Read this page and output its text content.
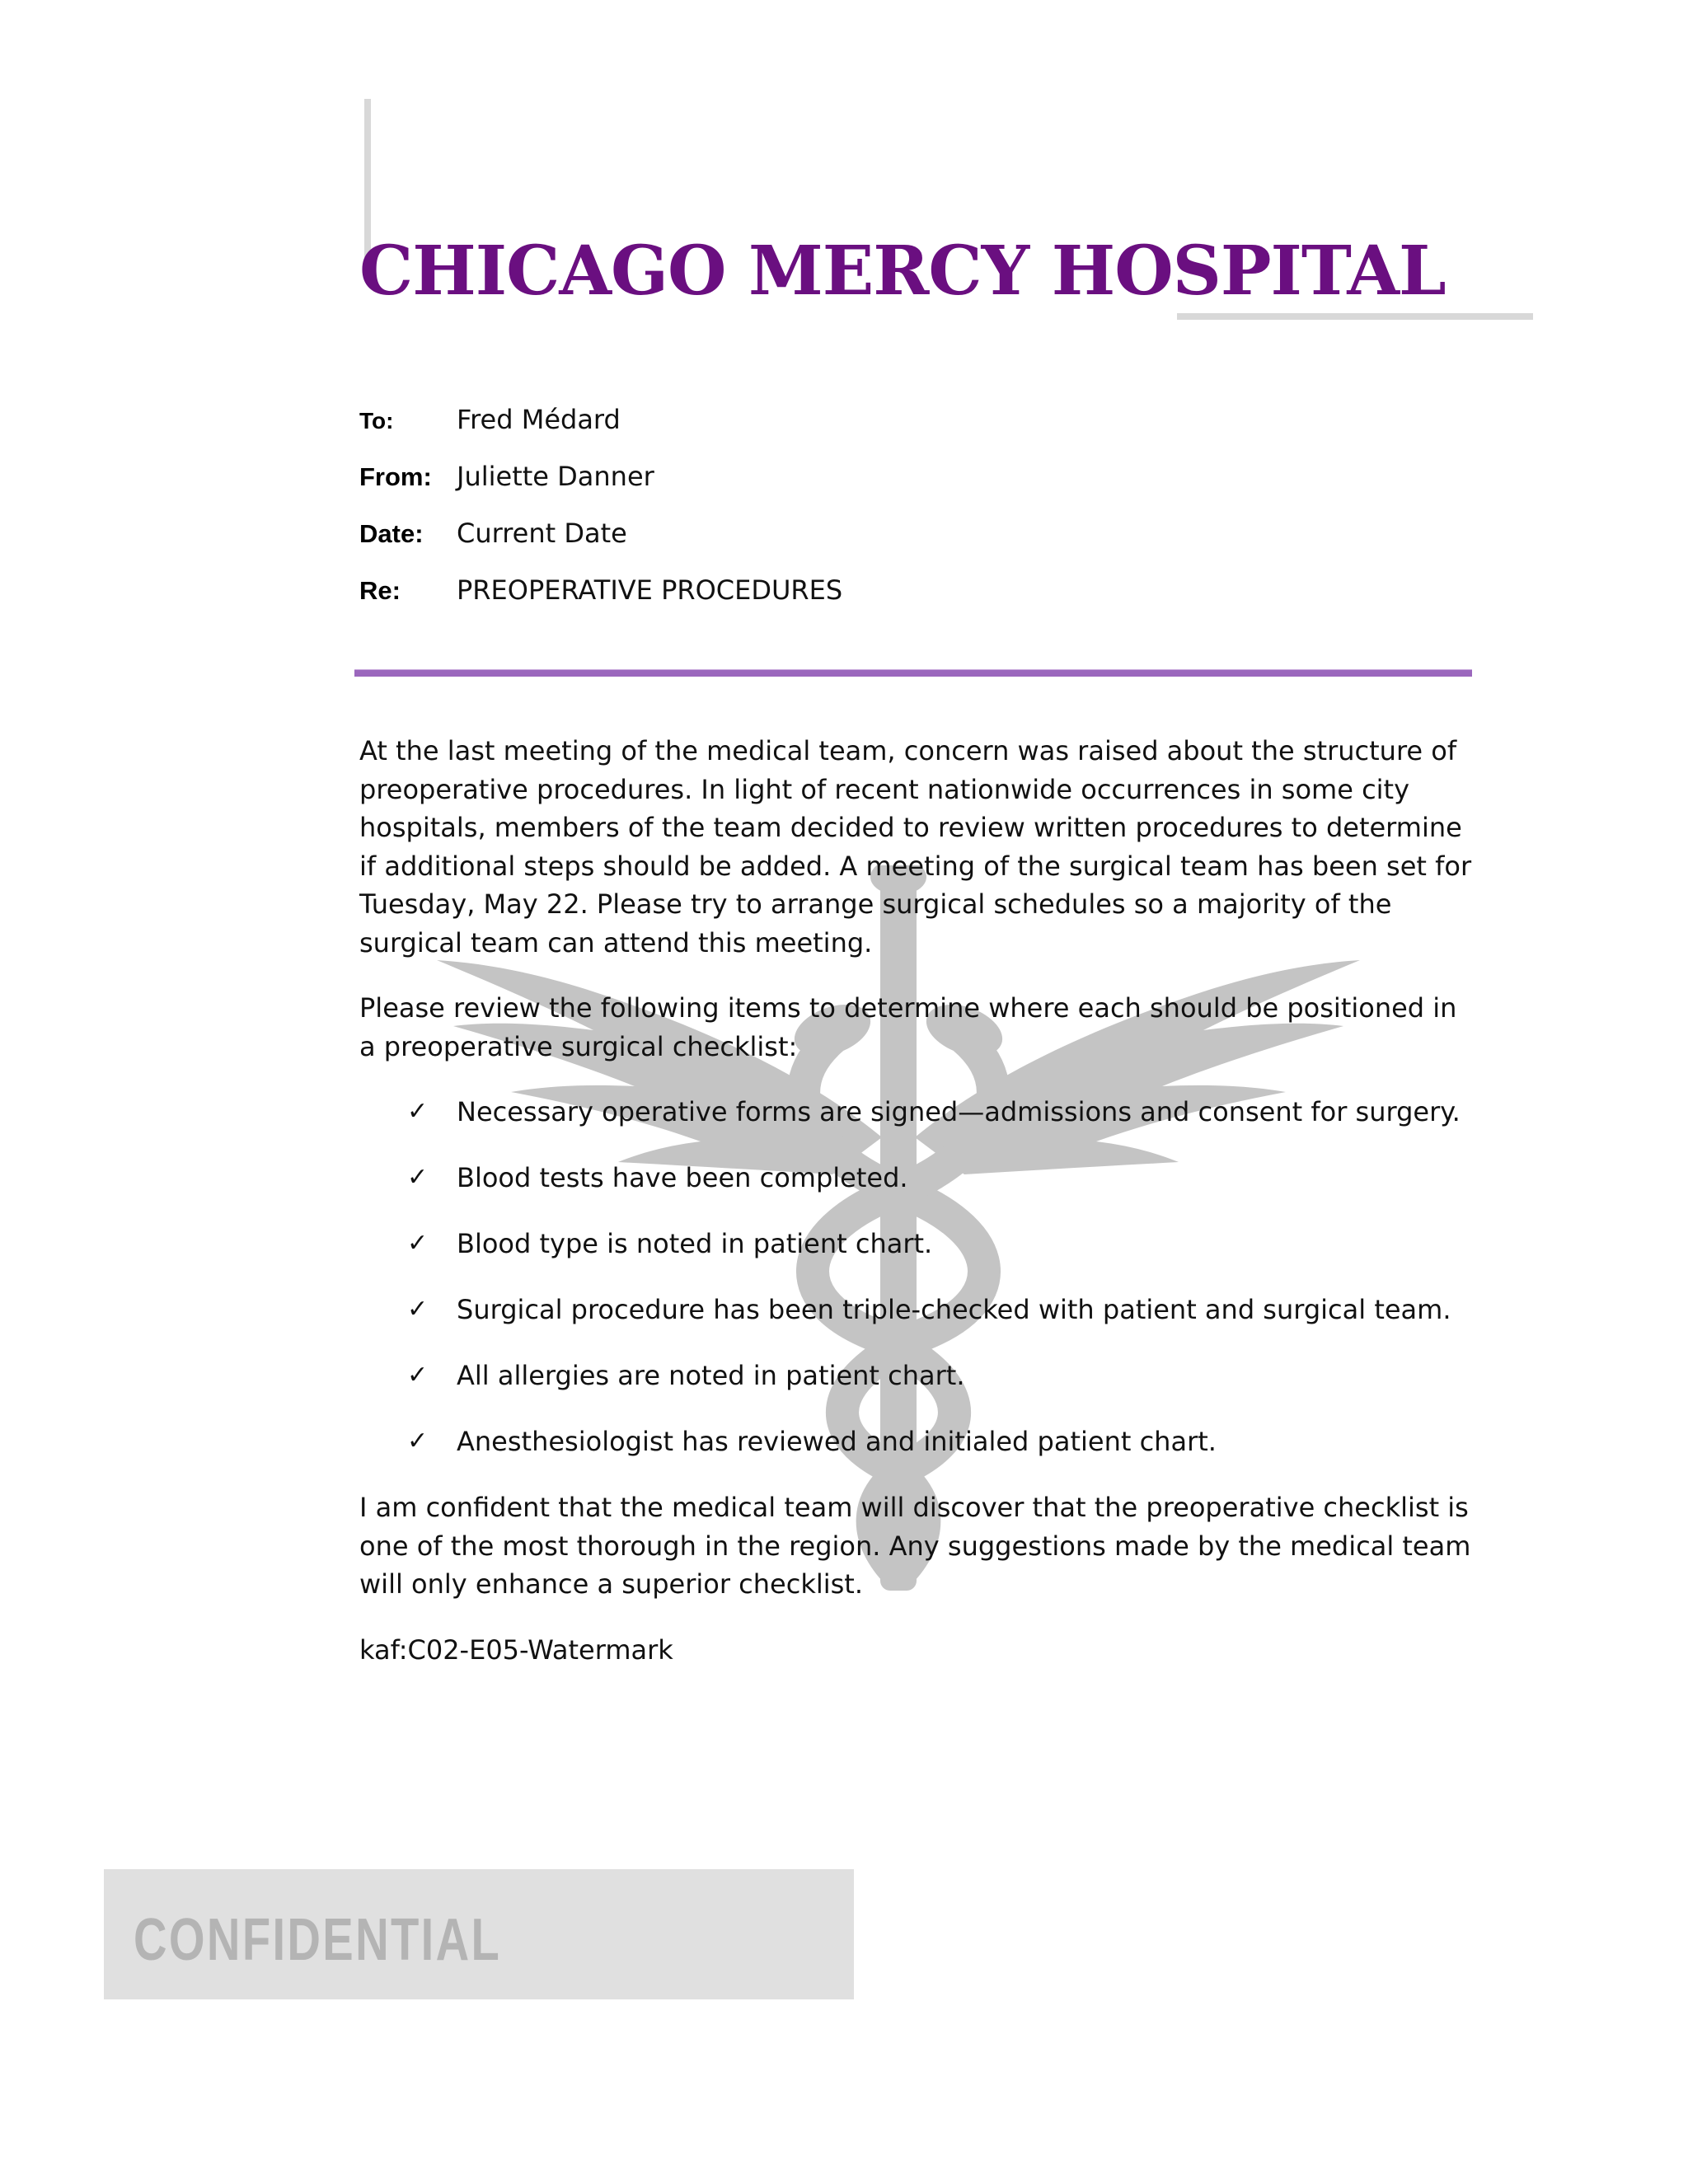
CHICAGO MERCY HOSPITAL
To:	Fred Médard
From: Juliette Danner
Date:	Current Date
Re:	PREOPERATIVE PROCEDURES

At the last meeting of the medical team, concern was raised about the structure of preoperative procedures. In light of recent nationwide occurrences in some city hospitals, members of the team decided to review written procedures to determine if additional steps should be added. A meeting of the surgical team has been set for Tuesday, May 22. Please try to arrange surgical schedules so a majority of the surgical team can attend this meeting.

Please review the following items to determine where each should be positioned in a preoperative surgical checklist:

✓ Necessary operative forms are signed—admissions and consent for surgery.
✓ Blood tests have been completed.
✓ Blood type is noted in patient chart.
✓ Surgical procedure has been triple-checked with patient and surgical team.
✓ All allergies are noted in patient chart.
✓ Anesthesiologist has reviewed and initialed patient chart.

I am confident that the medical team will discover that the preoperative checklist is one of the most thorough in the region. Any suggestions made by the medical team will only enhance a superior checklist.

kaf:C02-E05-Watermark

CONFIDENTIAL
